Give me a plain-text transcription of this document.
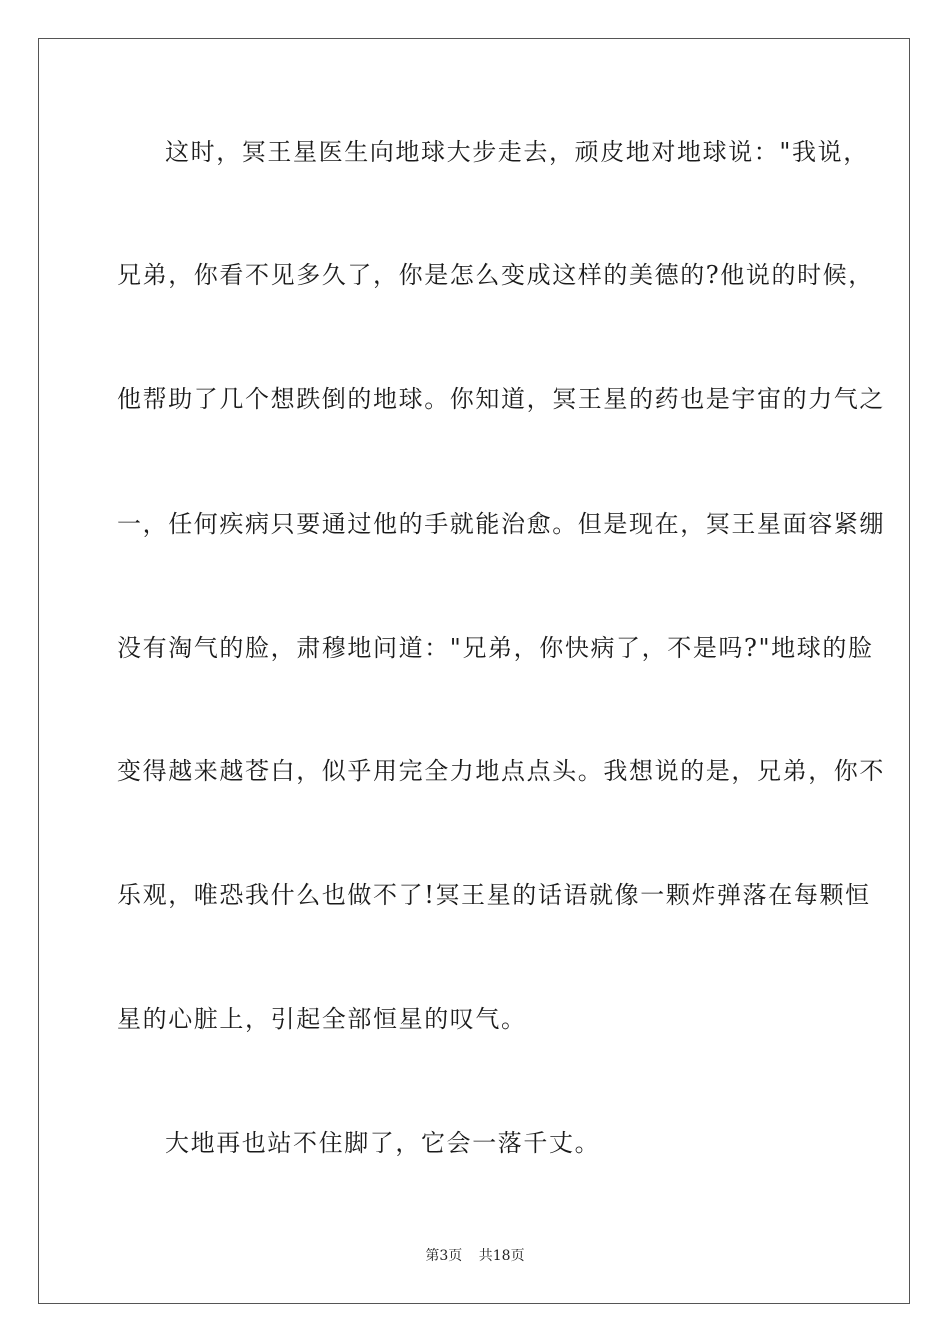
这时，冥王星医生向地球大步走去，顽皮地对地球说："我说，
兄弟，你看不见多久了，你是怎么变成这样的美德的?他说的时候，
他帮助了几个想跌倒的地球。你知道，冥王星的药也是宇宙的力气之
一，任何疾病只要通过他的手就能治愈。但是现在，冥王星面容紧绷
没有淘气的脸，肃穆地问道："兄弟，你快病了，不是吗?"地球的脸
变得越来越苍白，似乎用完全力地点点头。我想说的是，兄弟，你不
乐观，唯恐我什么也做不了!冥王星的话语就像一颗炸弹落在每颗恒
星的心脏上，引起全部恒星的叹气。
大地再也站不住脚了，它会一落千丈。
第3页 共18页
